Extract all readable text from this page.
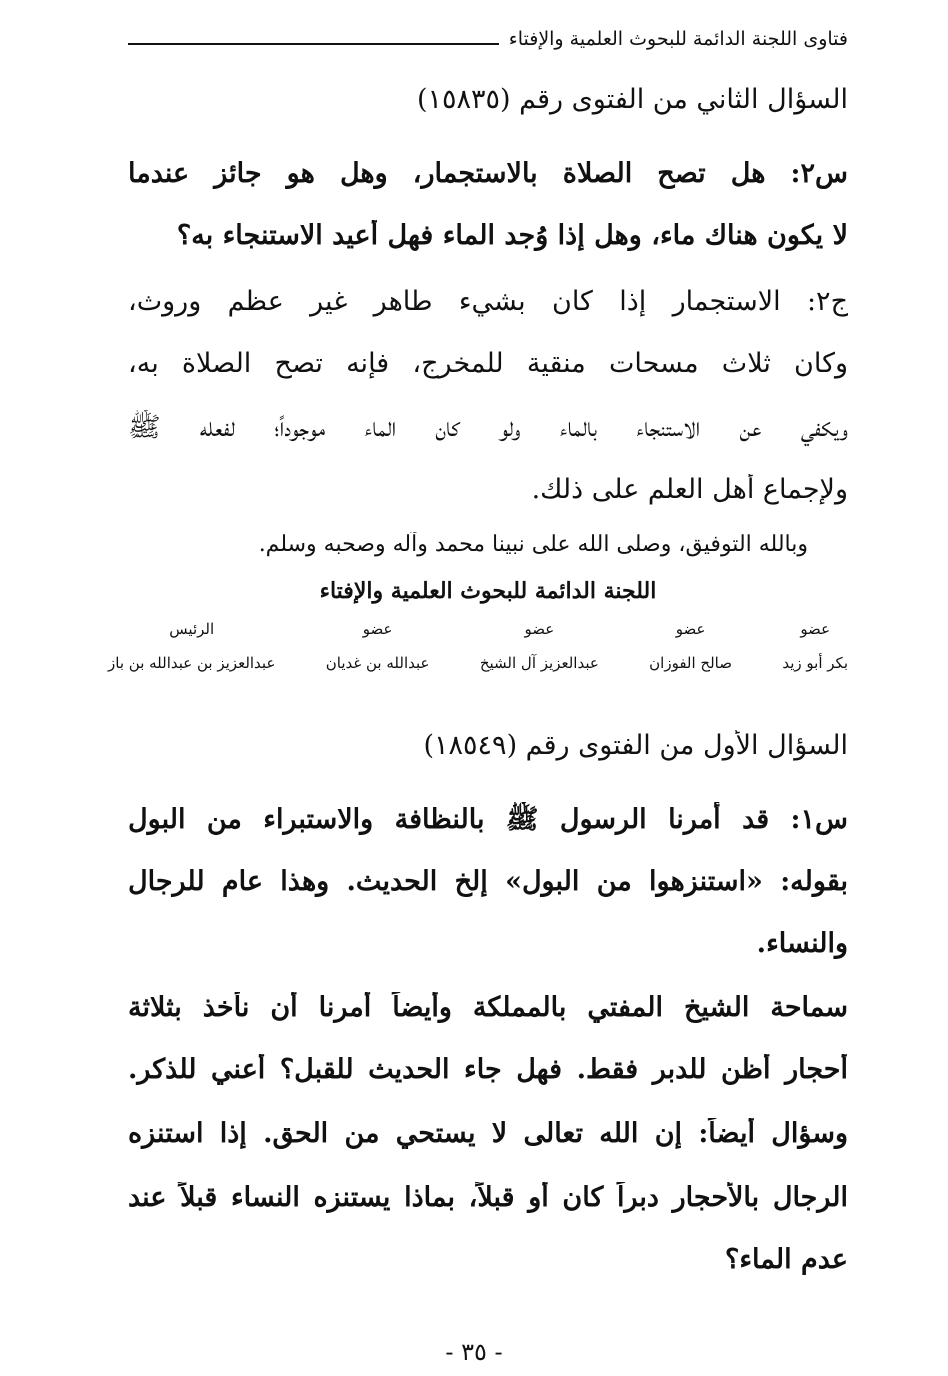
فتاوى اللجنة الدائمة للبحوث العلمية والإفتاء
السؤال الثاني من الفتوى رقم (١٥٨٣٥)
س٢: هل تصح الصلاة بالاستجمار، وهل هو جائز عندما
لا يكون هناك ماء، وهل إذا وُجد الماء فهل أعيد الاستنجاء به؟
ج٢: الاستجمار إذا كان بشيء طاهر غير عظم وروث،
وكان ثلاث مسحات منقية للمخرج، فإنه تصح الصلاة به،
ويكفي عن الاستنجاء بالماء ولو كان الماء موجوداً؛ لفعله ﷺ
ولإجماع أهل العلم على ذلك.
وبالله التوفيق، وصلى الله على نبينا محمد وآله وصحبه وسلم.
اللجنة الدائمة للبحوث العلمية والإفتاء
عضو
بكر أبو زيد
عضو
صالح الفوزان
عضو
عبدالعزيز آل الشيخ
عضو
عبدالله بن غديان
الرئيس
عبدالعزيز بن عبدالله بن باز
السؤال الأول من الفتوى رقم (١٨٥٤٩)
س١: قد أمرنا الرسول ﷺ بالنظافة والاستبراء من البول
بقوله: «استنزهوا من البول» إلخ الحديث. وهذا عام للرجال
والنساء.
سماحة الشيخ المفتي بالمملكة وأيضاً أمرنا أن نأخذ بثلاثة
أحجار أظن للدبر فقط. فهل جاء الحديث للقبل؟ أعني للذكر.
وسؤال أيضاً: إن الله تعالى لا يستحي من الحق. إذا استنزه
الرجال بالأحجار دبراً كان أو قبلاً، بماذا يستنزه النساء قبلاً عند
عدم الماء؟
- ٣٥ -
